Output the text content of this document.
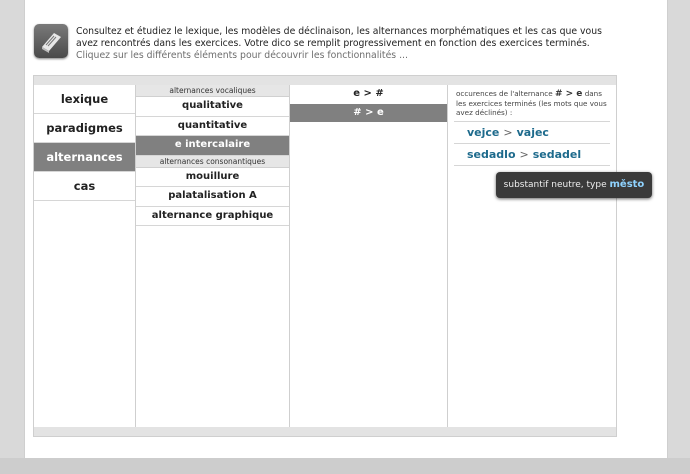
Consultez et étudiez le lexique, les modèles de déclinaison, les alternances morphématiques et les cas que vous avez rencontrés dans les exercices. Votre dico se remplit progressivement en fonction des exercices terminés.
Cliquez sur les différents éléments pour découvrir les fonctionnalités ...
lexique
paradigmes
alternances
cas
alternances vocaliques
qualitative
quantitative
e intercalaire
alternances consonantiques
mouillure
palatalisation A
alternance graphique
e > #
# > e
occurences de l'alternance # > e dans les exercices terminés (les mots que vous avez déclinés) :
vejce > vajec
sedadlo > sedadel
substantif neutre, type město
